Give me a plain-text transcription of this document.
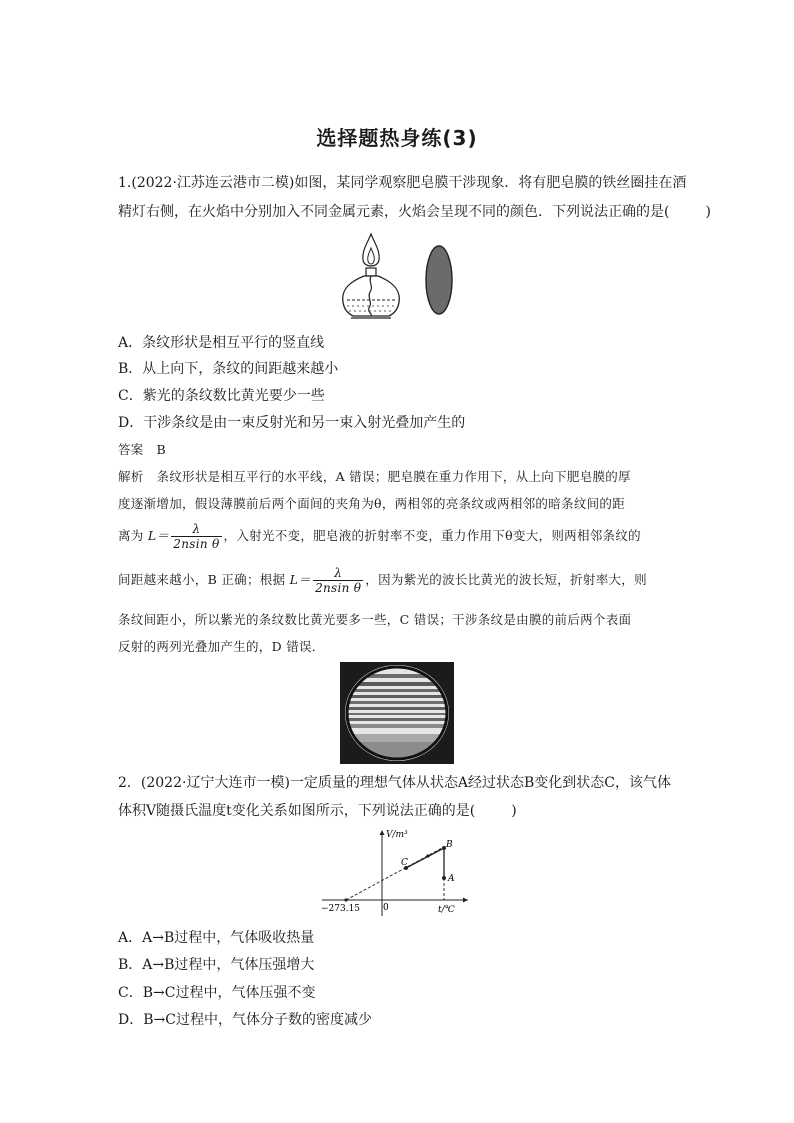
选择题热身练(3)
1.(2022·江苏连云港市二模)如图，某同学观察肥皂膜干涉现象．将有肥皂膜的铁丝圈挂在酒
精灯右侧，在火焰中分别加入不同金属元素，火焰会呈现不同的颜色．下列说法正确的是(	)
A．条纹形状是相互平行的竖直线
B．从上向下，条纹的间距越来越小
C．紫光的条纹数比黄光要少一些
D．干涉条纹是由一束反射光和另一束入射光叠加产生的
答案 B
解析 条纹形状是相互平行的水平线，A 错误；肥皂膜在重力作用下，从上向下肥皂膜的厚
度逐渐增加，假设薄膜前后两个面间的夹角为θ，两相邻的亮条纹或两相邻的暗条纹间的距
离为 $L= \frac{\lambda}{\text{2nsin θ}}$ ，入射光不变，肥皂液的折射率不变，重力作用下θ变大，则两相邻条纹的
间距越来越小，B 正确；根据 $L= \frac{\lambda}{\text{2nsin θ}}$ ，因为紫光的波长比黄光的波长短，折射率大，则
条纹间距小，所以紫光的条纹数比黄光要多一些，C 错误；干涉条纹是由膜的前后两个表面
反射的两列光叠加产生的，D 错误．
2．(2022·辽宁大连市一模)一定质量的理想气体从状态A经过状态B变化到状态C，该气体
体积V随摄氏温度t变化关系如图所示，下列说法正确的是(	)
V/m³
t/℃
0
−273.15
B
A
C
A．A→B过程中，气体吸收热量
B．A→B过程中，气体压强增大
C．B→C过程中，气体压强不变
D．B→C过程中，气体分子数的密度减少
